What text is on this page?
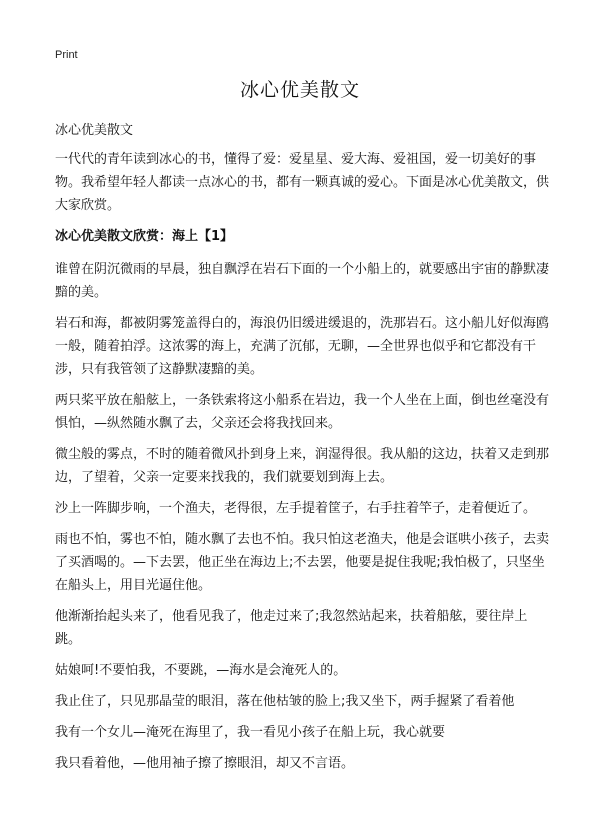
Print
冰心优美散文

冰心优美散文

一代代的青年读到冰心的书，懂得了爱：爱星星、爱大海、爱祖国，爱一切美好的事物。我希望年轻人都读一点冰心的书，都有一颗真诚的爱心。下面是冰心优美散文，供大家欣赏。

冰心优美散文欣赏：海上【1】

谁曾在阴沉微雨的早晨，独自飘浮在岩石下面的一个小船上的，就要感出宇宙的静默凄黯的美。

岩石和海，都被阴雾笼盖得白的，海浪仍旧缓进缓退的，洗那岩石。这小船儿好似海鸥一般，随着拍浮。这浓雾的海上，充满了沉郁，无聊，—全世界也似乎和它都没有干涉，只有我管领了这静默凄黯的美。

两只桨平放在船舷上，一条铁索将这小船系在岩边，我一个人坐在上面，倒也丝毫没有惧怕，—纵然随水飘了去，父亲还会将我找回来。

微尘般的雾点，不时的随着微风扑到身上来，润湿得很。我从船的这边，扶着又走到那边，了望着，父亲一定要来找我的，我们就要划到海上去。

沙上一阵脚步响，一个渔夫，老得很，左手提着筐子，右手拄着竿子，走着便近了。

雨也不怕，雾也不怕，随水飘了去也不怕。我只怕这老渔夫，他是会诓哄小孩子，去卖了买酒喝的。—下去罢，他正坐在海边上;不去罢，他要是捉住我呢;我怕极了，只坚坐在船头上，用目光逼住他。

他渐渐抬起头来了，他看见我了，他走过来了;我忽然站起来，扶着船舷，要往岸上跳。

姑娘呵!不要怕我，不要跳，—海水是会淹死人的。

我止住了，只见那晶莹的眼泪，落在他枯皱的脸上;我又坐下，两手握紧了看着他

我有一个女儿—淹死在海里了，我一看见小孩子在船上玩，我心就要

我只看着他，—他用袖子擦了擦眼泪，却又不言语。
